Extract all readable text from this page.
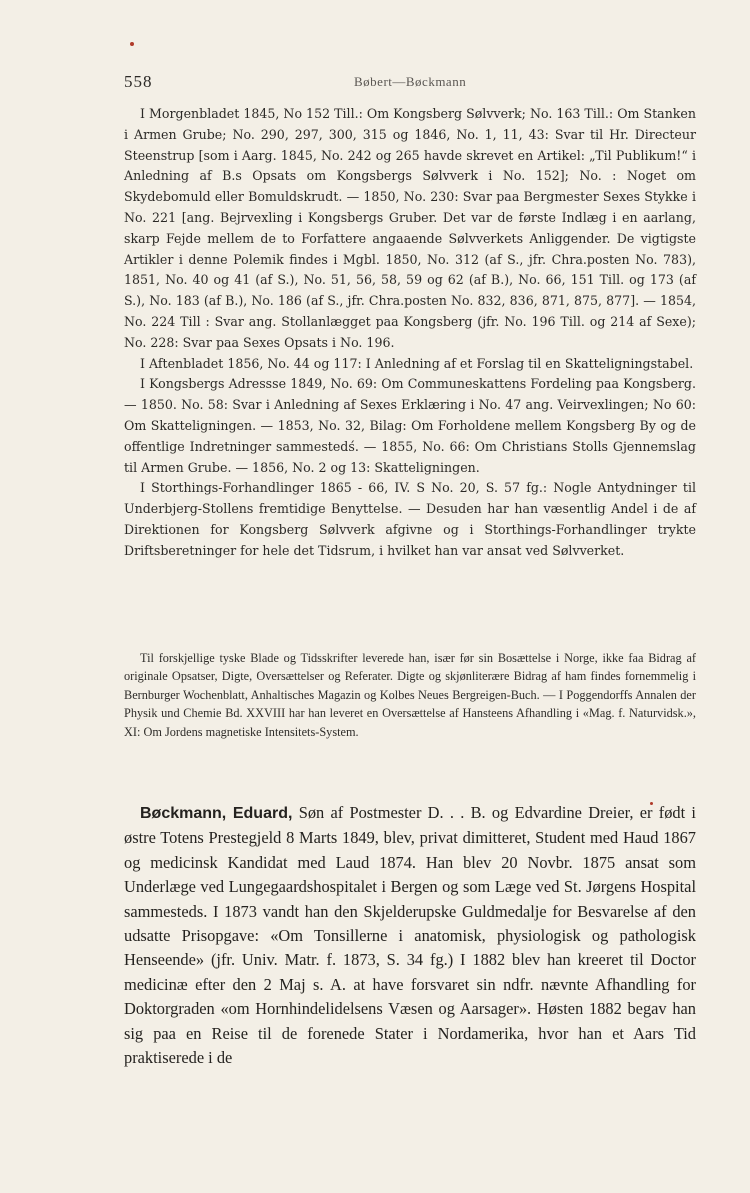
558	Bøbert—Bøckmann

I Morgenbladet 1845, No 152 Till.: Om Kongsberg Sølvverk; No. 163 Till.: Om Stanken i Armen Grube; No. 290, 297, 300, 315 og 1846, No. 1, 11, 43: Svar til Hr. Directeur Steenstrup [som i Aarg. 1845, No. 242 og 265 havde skrevet en Artikel: „Til Publikum!“ i Anledning af B.s Opsats om Kongsbergs Sølvverk i No. 152]; No. : Noget om Skydebomuld eller Bomuldskrudt. — 1850, No. 230: Svar paa Bergmester Sexes Stykke i No. 221 [ang. Bejrvexling i Kongsbergs Gruber. Det var de første Indlæg i en aarlang, skarp Fejde mellem de to Forfattere angaaende Sølvverkets Anliggender. De vigtigste Artikler i denne Polemik findes i Mgbl. 1850, No. 312 (af S., jfr. Chra.posten No. 783), 1851, No. 40 og 41 (af S.), No. 51, 56, 58, 59 og 62 (af B.), No. 66, 151 Till. og 173 (af S.), No. 183 (af B.), No. 186 (af S., jfr. Chra.posten No. 832, 836, 871, 875, 877]. — 1854, No. 224 Till : Svar ang. Stollanlægget paa Kongsberg (jfr. No. 196 Till. og 214 af Sexe); No. 228: Svar paa Sexes Opsats i No. 196.

I Aftenbladet 1856, No. 44 og 117: I Anledning af et Forslag til en Skatteligningstabel.

I Kongsbergs Adressse 1849, No. 69: Om Communeskattens Fordeling paa Kongsberg. — 1850. No. 58: Svar i Anledning af Sexes Erklæring i No. 47 ang. Veirvexlingen; No 60: Om Skatteligningen. — 1853, No. 32, Bilag: Om Forholdene mellem Kongsberg By og de offentlige Indretninger sammestedś. — 1855, No. 66: Om Christians Stolls Gjennemslag til Armen Grube. — 1856, No. 2 og 13: Skatteligningen.

I Storthings-Forhandlinger 1865 - 66, IV. S No. 20, S. 57 fg.: Nogle Antydninger til Underbjerg-Stollens fremtidige Benyttelse. — Desuden har han væsentlig Andel i de af Direktionen for Kongsberg Sølvverk afgivne og i Storthings-Forhandlinger trykte Driftsberetninger for hele det Tidsrum, i hvilket han var ansat ved Sølvverket.

Til forskjellige tyske Blade og Tidsskrifter leverede han, især før sin Bosættelse i Norge, ikke faa Bidrag af originale Opsatser, Digte, Oversættelser og Referater. Digte og skjønliterære Bidrag af ham findes fornemmelig i Bernburger Wochenblatt, Anhaltisches Magazin og Kolbes Neues Bergreigen-Buch. — I Poggendorffs Annalen der Physik und Chemie Bd. XXVIII har han leveret en Oversættelse af Hansteens Afhandling i «Mag. f. Naturvidsk.», XI: Om Jordens magnetiske Intensitets-System.

Bøckmann, Eduard, Søn af Postmester D. . . B. og Edvardine Dreier, er født i østre Totens Prestegjeld 8 Marts 1849, blev, privat dimitteret, Student med Haud 1867 og medicinsk Kandidat med Laud 1874. Han blev 20 Novbr. 1875 ansat som Underlæge ved Lungegaardshospitalet i Bergen og som Læge ved St. Jørgens Hospital sammesteds. I 1873 vandt han den Skjelderupske Guldmedalje for Besvarelse af den udsatte Prisopgave: «Om Tonsillerne i anatomisk, physiologisk og pathologisk Henseende» (jfr. Univ. Matr. f. 1873, S. 34 fg.) I 1882 blev han kreeret til Doctor medicinæ efter den 2 Maj s. A. at have forsvaret sin ndfr. nævnte Afhandling for Doktorgraden «om Hornhindelidelsens Væsen og Aarsager». Høsten 1882 begav han sig paa en Reise til de forenede Stater i Nordamerika, hvor han et Aars Tid praktiserede i de
